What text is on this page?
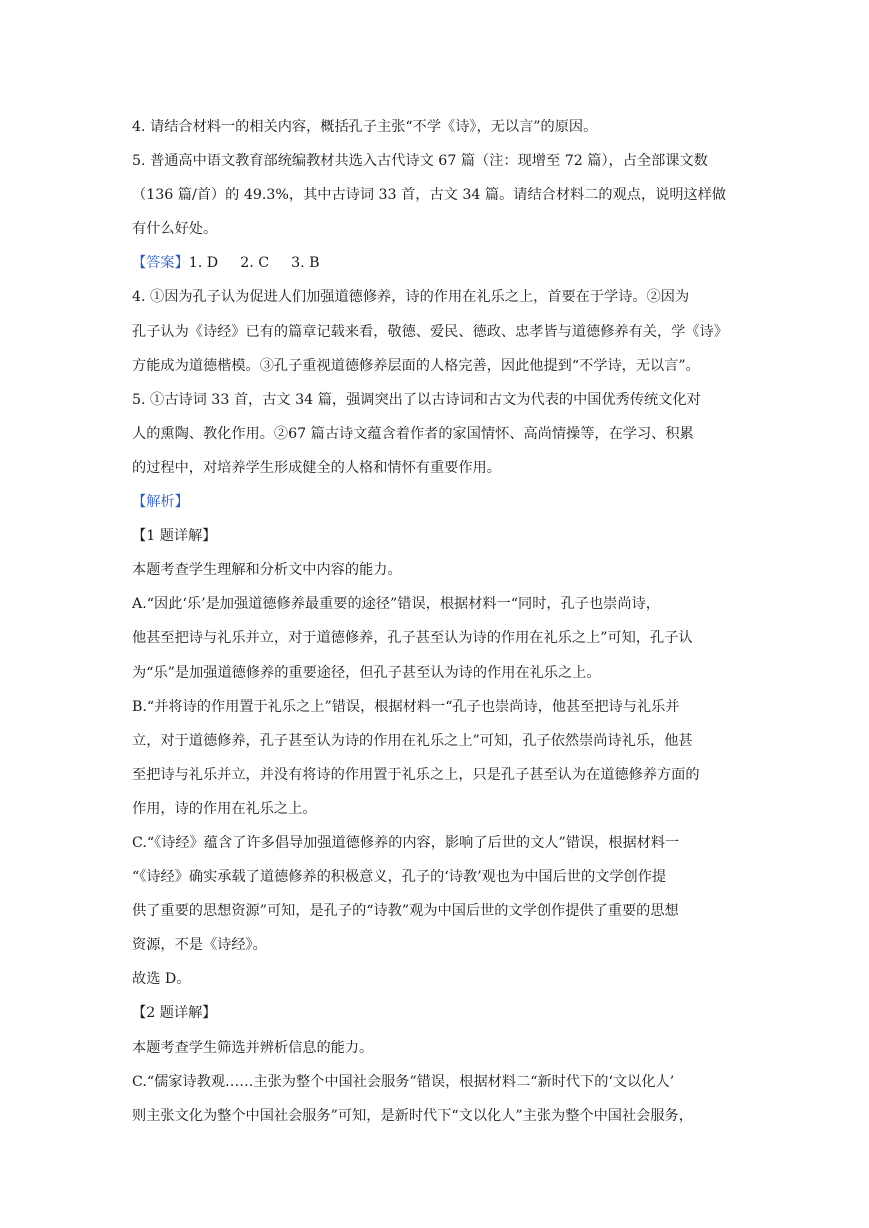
4. 请结合材料一的相关内容，概括孔子主张“不学《诗》，无以言”的原因。
5. 普通高中语文教育部统编教材共选入古代诗文 67 篇（注：现增至 72 篇），占全部课文数
（136 篇/首）的 49.3%，其中古诗词 33 首，古文 34 篇。请结合材料二的观点，说明这样做
有什么好处。
【答案】1. D 2. C 3. B
4. ①因为孔子认为促进人们加强道德修养，诗的作用在礼乐之上，首要在于学诗。②因为
孔子认为《诗经》已有的篇章记载来看，敬德、爱民、德政、忠孝皆与道德修养有关，学《诗》
方能成为道德楷模。③孔子重视道德修养层面的人格完善，因此他提到“不学诗，无以言”。
5. ①古诗词 33 首，古文 34 篇，强调突出了以古诗词和古文为代表的中国优秀传统文化对
人的熏陶、教化作用。②67 篇古诗文蕴含着作者的家国情怀、高尚情操等，在学习、积累
的过程中，对培养学生形成健全的人格和情怀有重要作用。
【解析】
【1 题详解】
本题考查学生理解和分析文中内容的能力。
A.“因此‘乐’是加强道德修养最重要的途径”错误，根据材料一“同时，孔子也崇尚诗，
他甚至把诗与礼乐并立，对于道德修养，孔子甚至认为诗的作用在礼乐之上”可知，孔子认
为“乐”是加强道德修养的重要途径，但孔子甚至认为诗的作用在礼乐之上。
B.“并将诗的作用置于礼乐之上”错误，根据材料一“孔子也崇尚诗，他甚至把诗与礼乐并
立，对于道德修养，孔子甚至认为诗的作用在礼乐之上”可知，孔子依然崇尚诗礼乐，他甚
至把诗与礼乐并立，并没有将诗的作用置于礼乐之上，只是孔子甚至认为在道德修养方面的
作用，诗的作用在礼乐之上。
C.“《诗经》蕴含了许多倡导加强道德修养的内容，影响了后世的文人”错误，根据材料一
“《诗经》确实承载了道德修养的积极意义，孔子的‘诗教’观也为中国后世的文学创作提
供了重要的思想资源”可知，是孔子的“诗教”观为中国后世的文学创作提供了重要的思想
资源，不是《诗经》。
故选 D。
【2 题详解】
本题考查学生筛选并辨析信息的能力。
C.“儒家诗教观……主张为整个中国社会服务”错误，根据材料二“新时代下的‘文以化人’
则主张文化为整个中国社会服务”可知，是新时代下“文以化人”主张为整个中国社会服务，
